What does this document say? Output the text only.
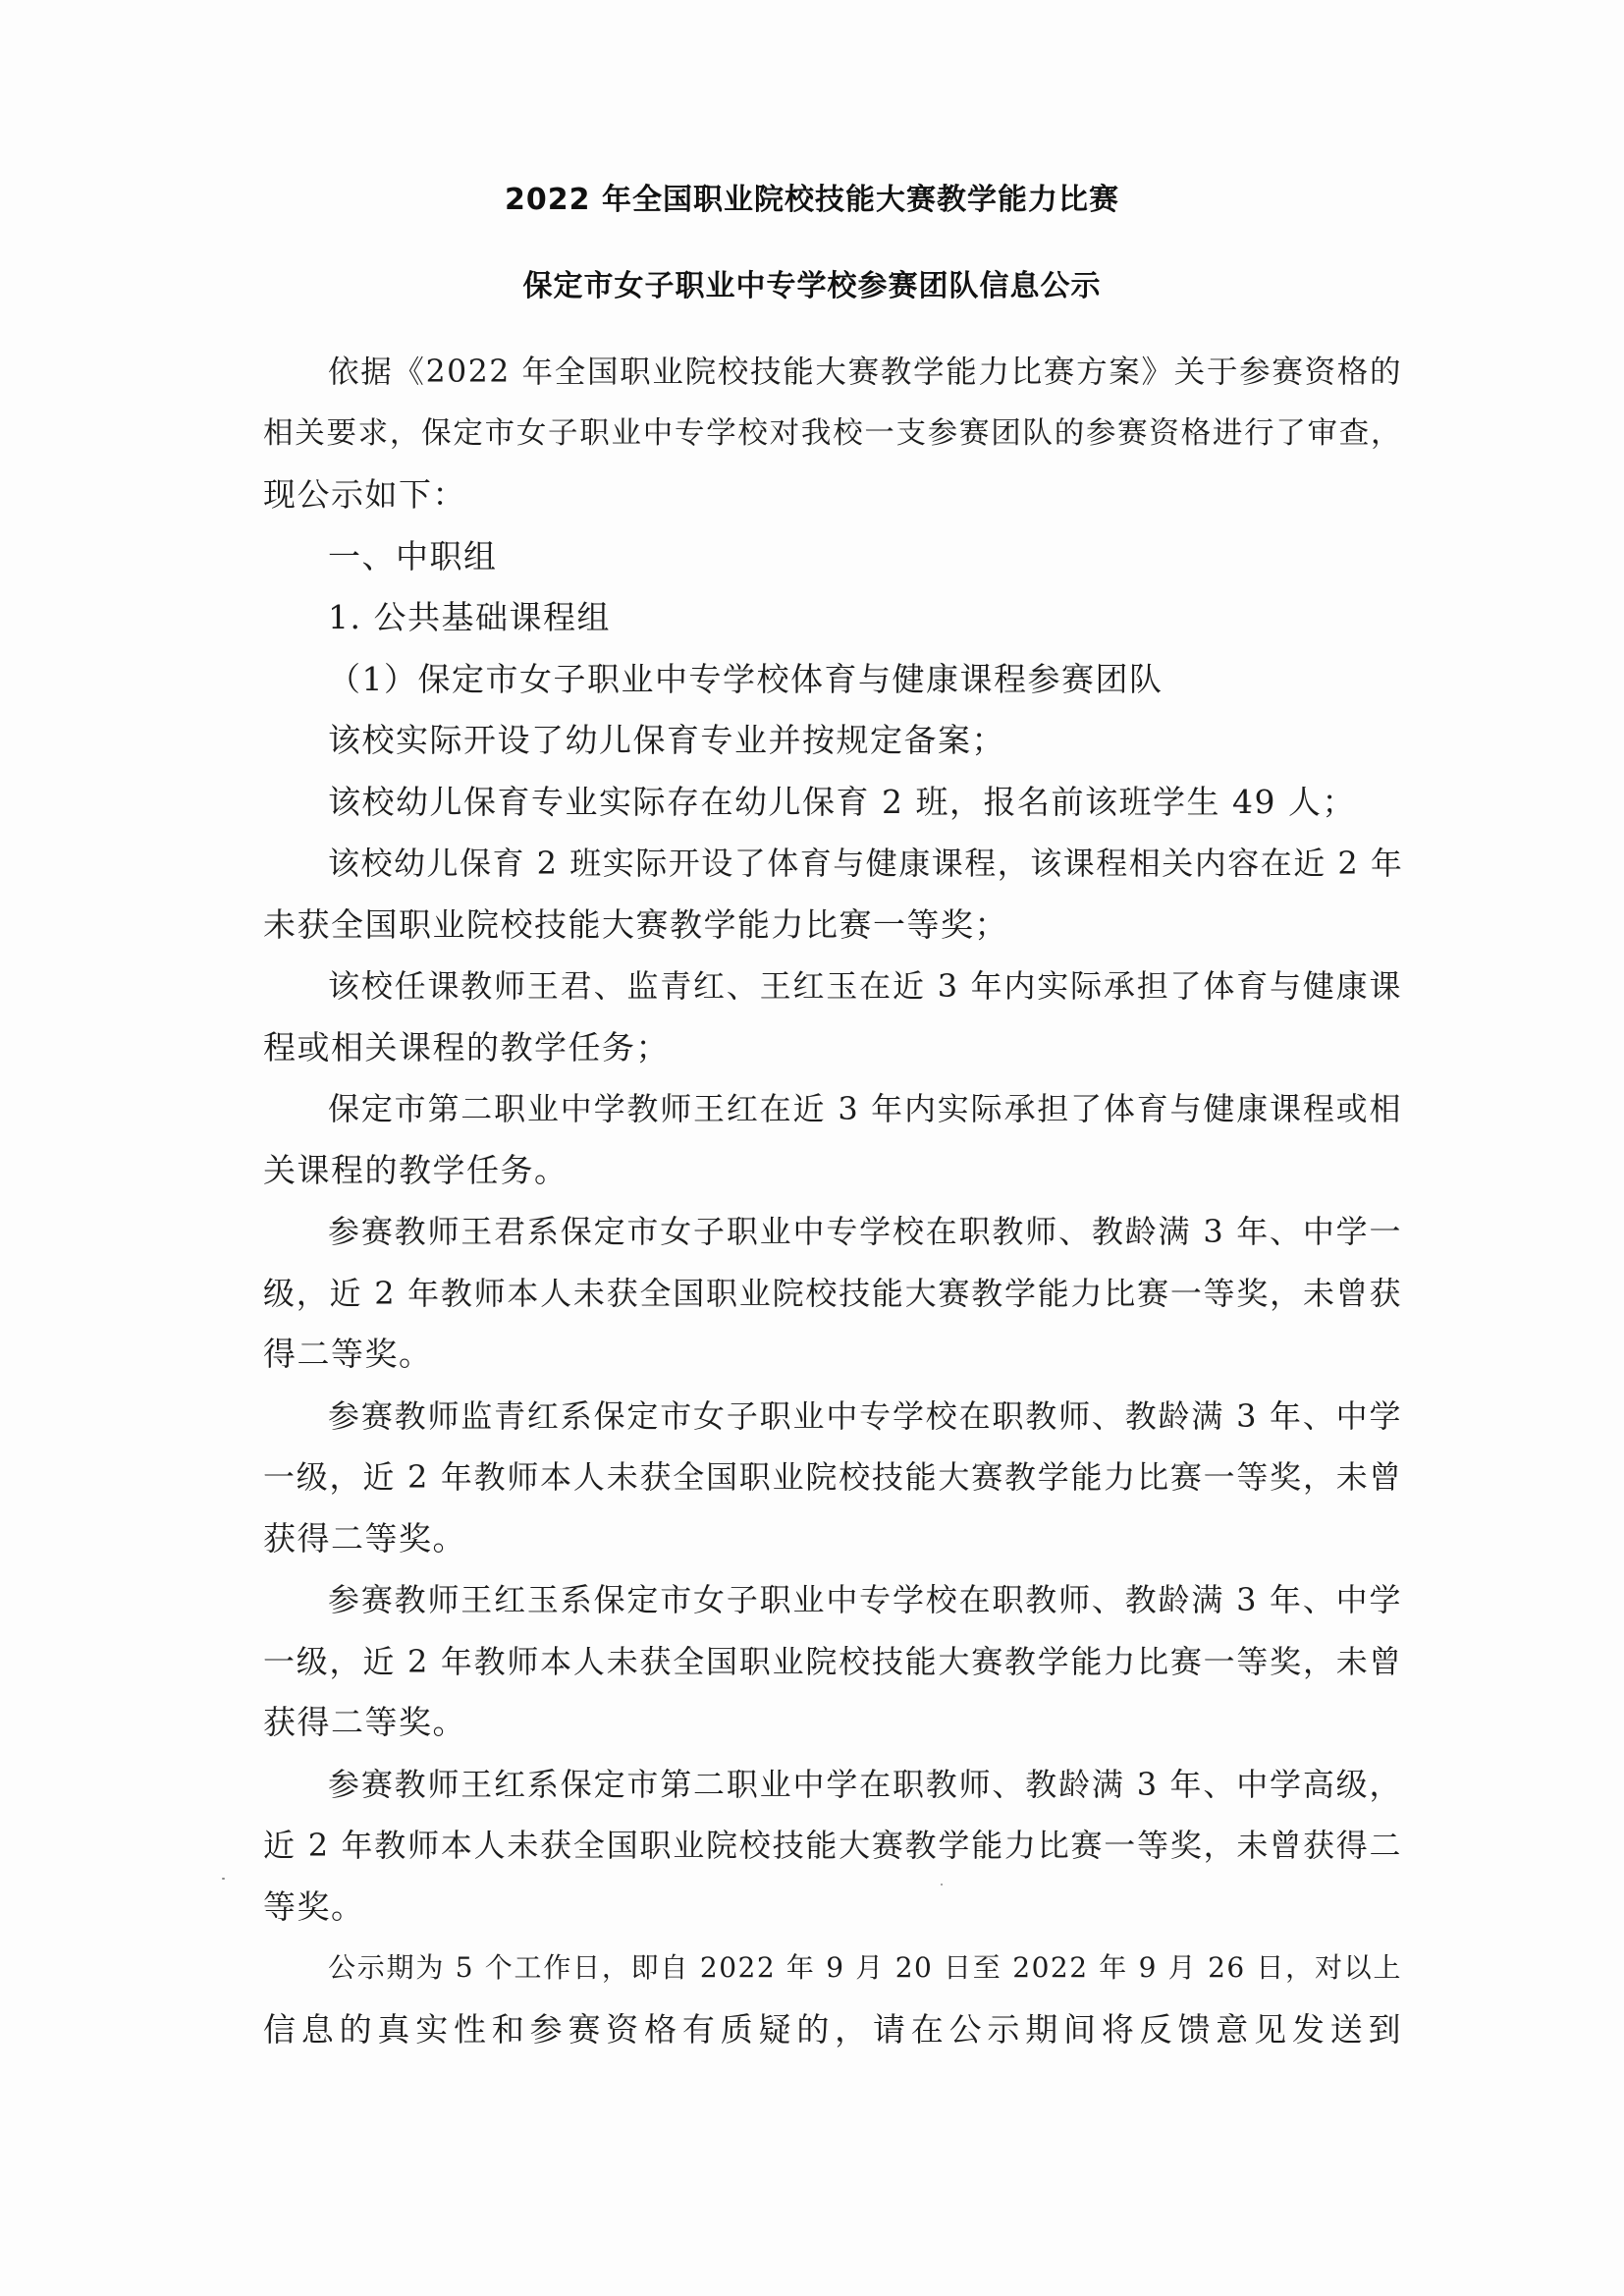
2022 年全国职业院校技能大赛教学能力比赛
保定市女子职业中专学校参赛团队信息公示
依据《2022 年全国职业院校技能大赛教学能力比赛方案》关于参赛资格的
相关要求，保定市女子职业中专学校对我校一支参赛团队的参赛资格进行了审查，
现公示如下：
一、中职组
1. 公共基础课程组
（1）保定市女子职业中专学校体育与健康课程参赛团队
该校实际开设了幼儿保育专业并按规定备案；
该校幼儿保育专业实际存在幼儿保育 2 班，报名前该班学生 49 人；
该校幼儿保育 2 班实际开设了体育与健康课程，该课程相关内容在近 2 年
未获全国职业院校技能大赛教学能力比赛一等奖；
该校任课教师王君、监青红、王红玉在近 3 年内实际承担了体育与健康课
程或相关课程的教学任务；
保定市第二职业中学教师王红在近 3 年内实际承担了体育与健康课程或相
关课程的教学任务。
参赛教师王君系保定市女子职业中专学校在职教师、教龄满 3 年、中学一
级，近 2 年教师本人未获全国职业院校技能大赛教学能力比赛一等奖，未曾获
得二等奖。
参赛教师监青红系保定市女子职业中专学校在职教师、教龄满 3 年、中学
一级，近 2 年教师本人未获全国职业院校技能大赛教学能力比赛一等奖，未曾
获得二等奖。
参赛教师王红玉系保定市女子职业中专学校在职教师、教龄满 3 年、中学
一级，近 2 年教师本人未获全国职业院校技能大赛教学能力比赛一等奖，未曾
获得二等奖。
参赛教师王红系保定市第二职业中学在职教师、教龄满 3 年、中学高级，
近 2 年教师本人未获全国职业院校技能大赛教学能力比赛一等奖，未曾获得二
等奖。
公示期为 5 个工作日，即自 2022 年 9 月 20 日至 2022 年 9 月 26 日，对以上
信息的真实性和参赛资格有质疑的，请在公示期间将反馈意见发送到
